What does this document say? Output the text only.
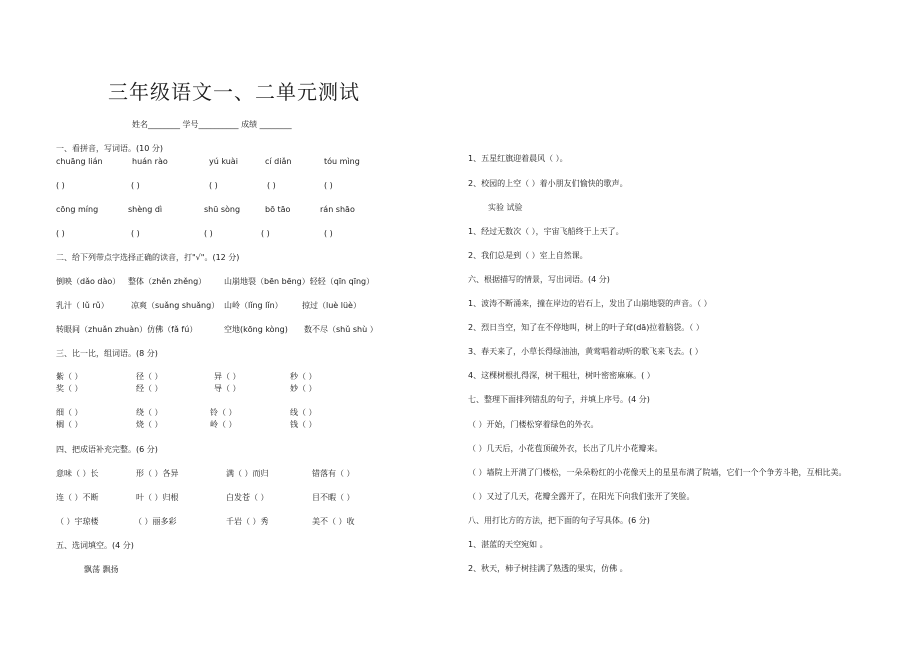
三年级语文一、二单元测试
姓名________ 学号__________ 成绩 ________
一、看拼音，写词语。(10 分)
chuāng lián	huán rào	yú kuài	cí diǎn	tóu mìng
( )	( )	( )	( )	( )
cōng míng	shèng dì	shū sòng	bō tāo	rán shāo
( )	( )	( )	( )	( )
二、给下列带点字选择正确的读音，打"√"。(12 分)
倒映（dǎo dào） 整体（zhěn zhěng） 山崩地裂（bēn bēng）轻轻（qīn qīng）
乳汁（ lǔ rǔ）	凉爽（suǎng shuǎng） 山岭（lǐng lǐn） 掠过（luè lüè）
转眼间（zhuǎn zhuàn）仿佛（fǎ fú）	空地(kōng kòng) 数不尽（shǔ shù ）
三、比一比，组词语。(8 分)
紫（ ）	径（ ）	异（ ）	秒（ ）
奖（ ）	经（ ）	导（ ）	妙（ ）
细（ ）	绕（ ）	铃（ ）	线（ ）
榈（ ）	烧（ ）	岭（ ）	钱（ ）
四、把成语补充完整。(6 分)
意味（ ）长	形（ ）各异	满（ ）而归	错落有（ ）
连（ ）不断	叶（ ）归根	白发苍（ ）	目不暇（ ）
（ ）宇琼楼	（ ）丽多彩	千岩（ ）秀	美不（ ）收
五、选词填空。(4 分)
飘荡 飘扬
1、五星红旗迎着晨风（ ）。
2、校园的上空（ ）着小朋友们愉快的歌声。
实验 试验
1、经过无数次（ ），宇宙飞船终于上天了。
2、我们总是到（ ）室上自然课。
六、根据描写的情景，写出词语。(4 分)
1、波涛不断涌来，撞在岸边的岩石上，发出了山崩地裂的声音。（ ）
2、烈日当空，知了在不停地叫，树上的叶子耷(dā)拉着脑袋。（ ）
3、春天来了，小草长得绿油油，黄莺唱着动听的歌飞来飞去。( ）
4、这棵树根扎得深，树干粗壮，树叶密密麻麻。( ）
七、整理下面排列错乱的句子，并填上序号。(4 分)
（ ）开始，门楼松穿着绿色的外衣。
（ ）几天后，小花苞顶破外衣，长出了几片小花瓣来。
（ ）墙院上开满了门楼松，一朵朵粉红的小花像天上的星星布满了院墙，它们一个个争芳斗艳，互相比美。
（ ）又过了几天，花瓣全露开了，在阳光下向我们张开了笑脸。
八、用打比方的方法，把下面的句子写具体。(6 分)
1、湛蓝的天空宛如 。
2、秋天，柿子树挂满了熟透的果实，仿佛 。
